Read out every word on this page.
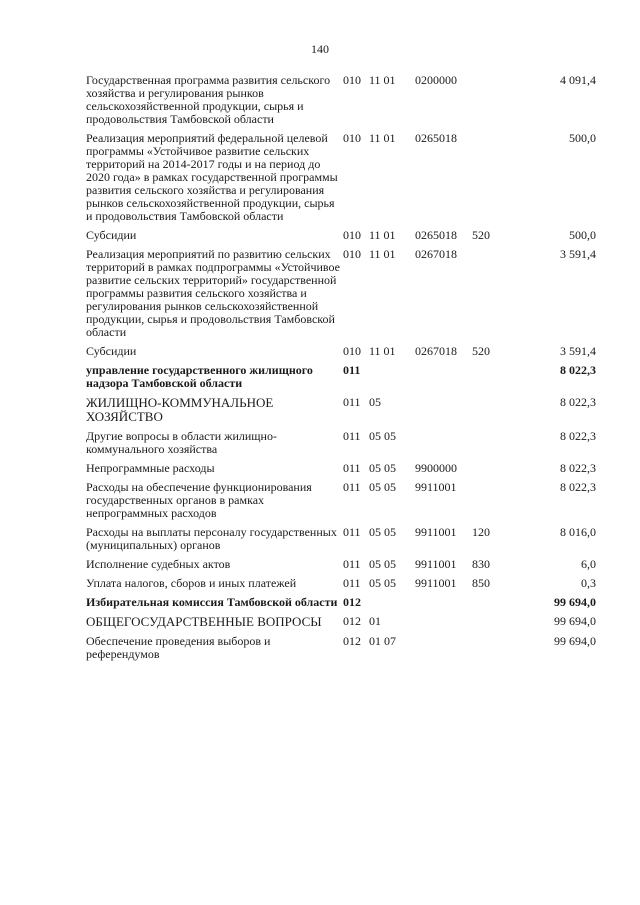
140
Государственная программа развития сельского хозяйства и регулирования рынков сельскохозяйственной продукции, сырья и продовольствия Тамбовской области	010	11 01	0200000		4 091,4
Реализация мероприятий федеральной целевой программы «Устойчивое развитие сельских территорий на 2014-2017 годы и на период до 2020 года» в рамках государственной программы развития сельского хозяйства и регулирования рынков сельскохозяйственной продукции, сырья и продовольствия Тамбовской области	010	11 01	0265018		500,0
Субсидии	010	11 01	0265018	520	500,0
Реализация мероприятий по развитию сельских территорий в рамках подпрограммы «Устойчивое развитие сельских территорий» государственной программы развития сельского хозяйства и регулирования рынков сельскохозяйственной продукции, сырья и продовольствия Тамбовской области	010	11 01	0267018		3 591,4
Субсидии	010	11 01	0267018	520	3 591,4
управление государственного жилищного надзора Тамбовской области	011				8 022,3
ЖИЛИЩНО-КОММУНАЛЬНОЕ ХОЗЯЙСТВО	011	05			8 022,3
Другие вопросы в области жилищно-коммунального хозяйства	011	05 05			8 022,3
Непрограммные расходы	011	05 05	9900000		8 022,3
Расходы на обеспечение функционирования государственных органов в рамках непрограммных расходов	011	05 05	9911001		8 022,3
Расходы на выплаты персоналу государственных (муниципальных) органов	011	05 05	9911001	120	8 016,0
Исполнение судебных актов	011	05 05	9911001	830	6,0
Уплата налогов, сборов и иных платежей	011	05 05	9911001	850	0,3
Избирательная комиссия Тамбовской области	012				99 694,0
ОБЩЕГОСУДАРСТВЕННЫЕ ВОПРОСЫ	012	01			99 694,0
Обеспечение проведения выборов и референдумов	012	01 07			99 694,0
